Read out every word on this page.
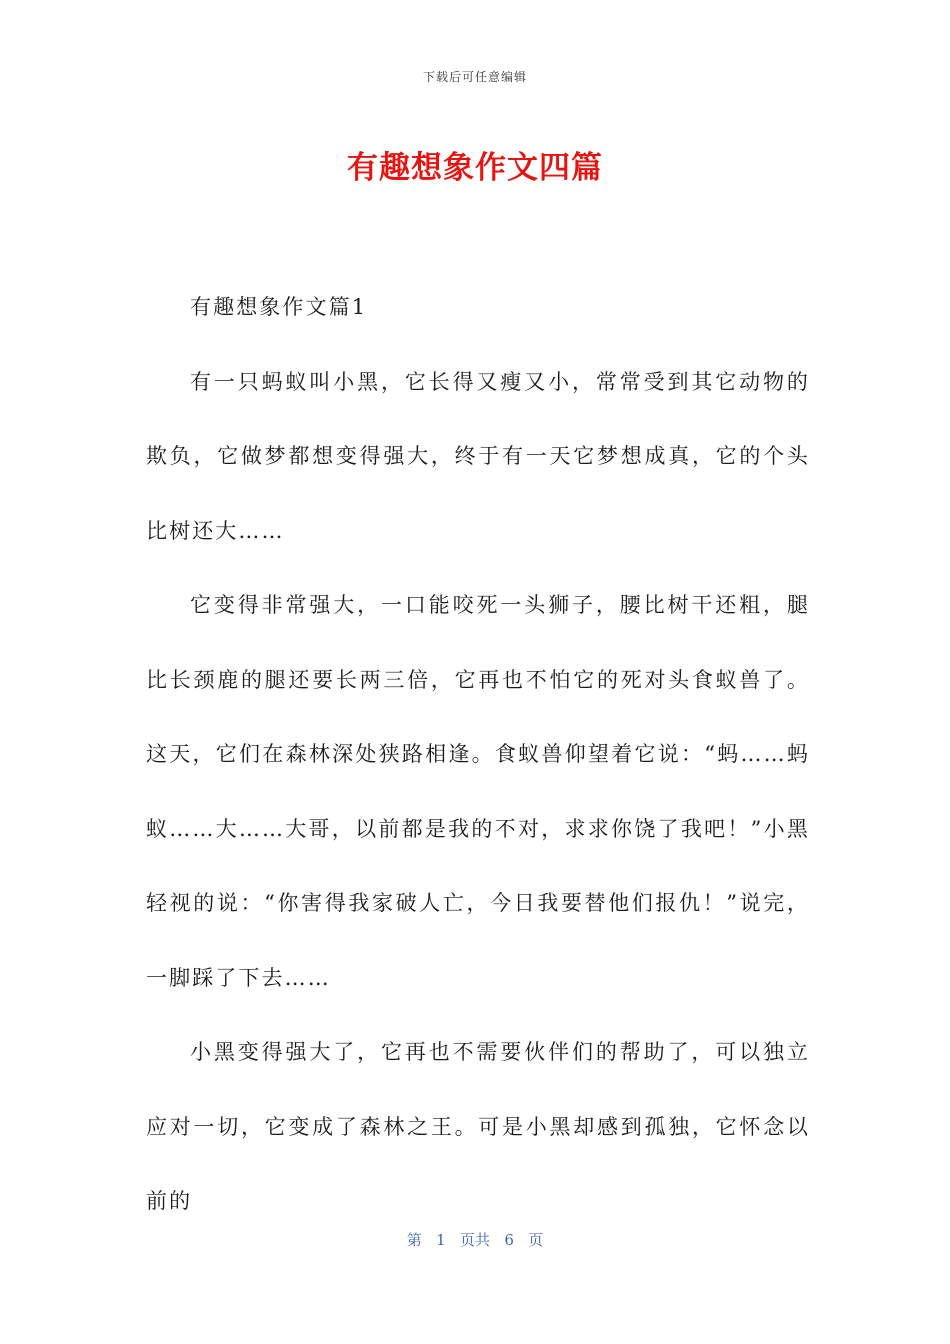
下载后可任意编辑
有趣想象作文四篇

有趣想象作文篇1

有一只蚂蚁叫小黑，它长得又瘦又小，常常受到其它动物的欺负，它做梦都想变得强大，终于有一天它梦想成真，它的个头比树还大……

它变得非常强大，一口能咬死一头狮子，腰比树干还粗，腿比长颈鹿的腿还要长两三倍，它再也不怕它的死对头食蚁兽了。这天，它们在森林深处狭路相逢。食蚁兽仰望着它说：“蚂……蚂蚁……大……大哥，以前都是我的不对，求求你饶了我吧！”小黑轻视的说：“你害得我家破人亡，今日我要替他们报仇！”说完，一脚踩了下去……

小黑变得强大了，它再也不需要伙伴们的帮助了，可以独立应对一切，它变成了森林之王。可是小黑却感到孤独，它怀念以前的

第 1 页共 6 页
